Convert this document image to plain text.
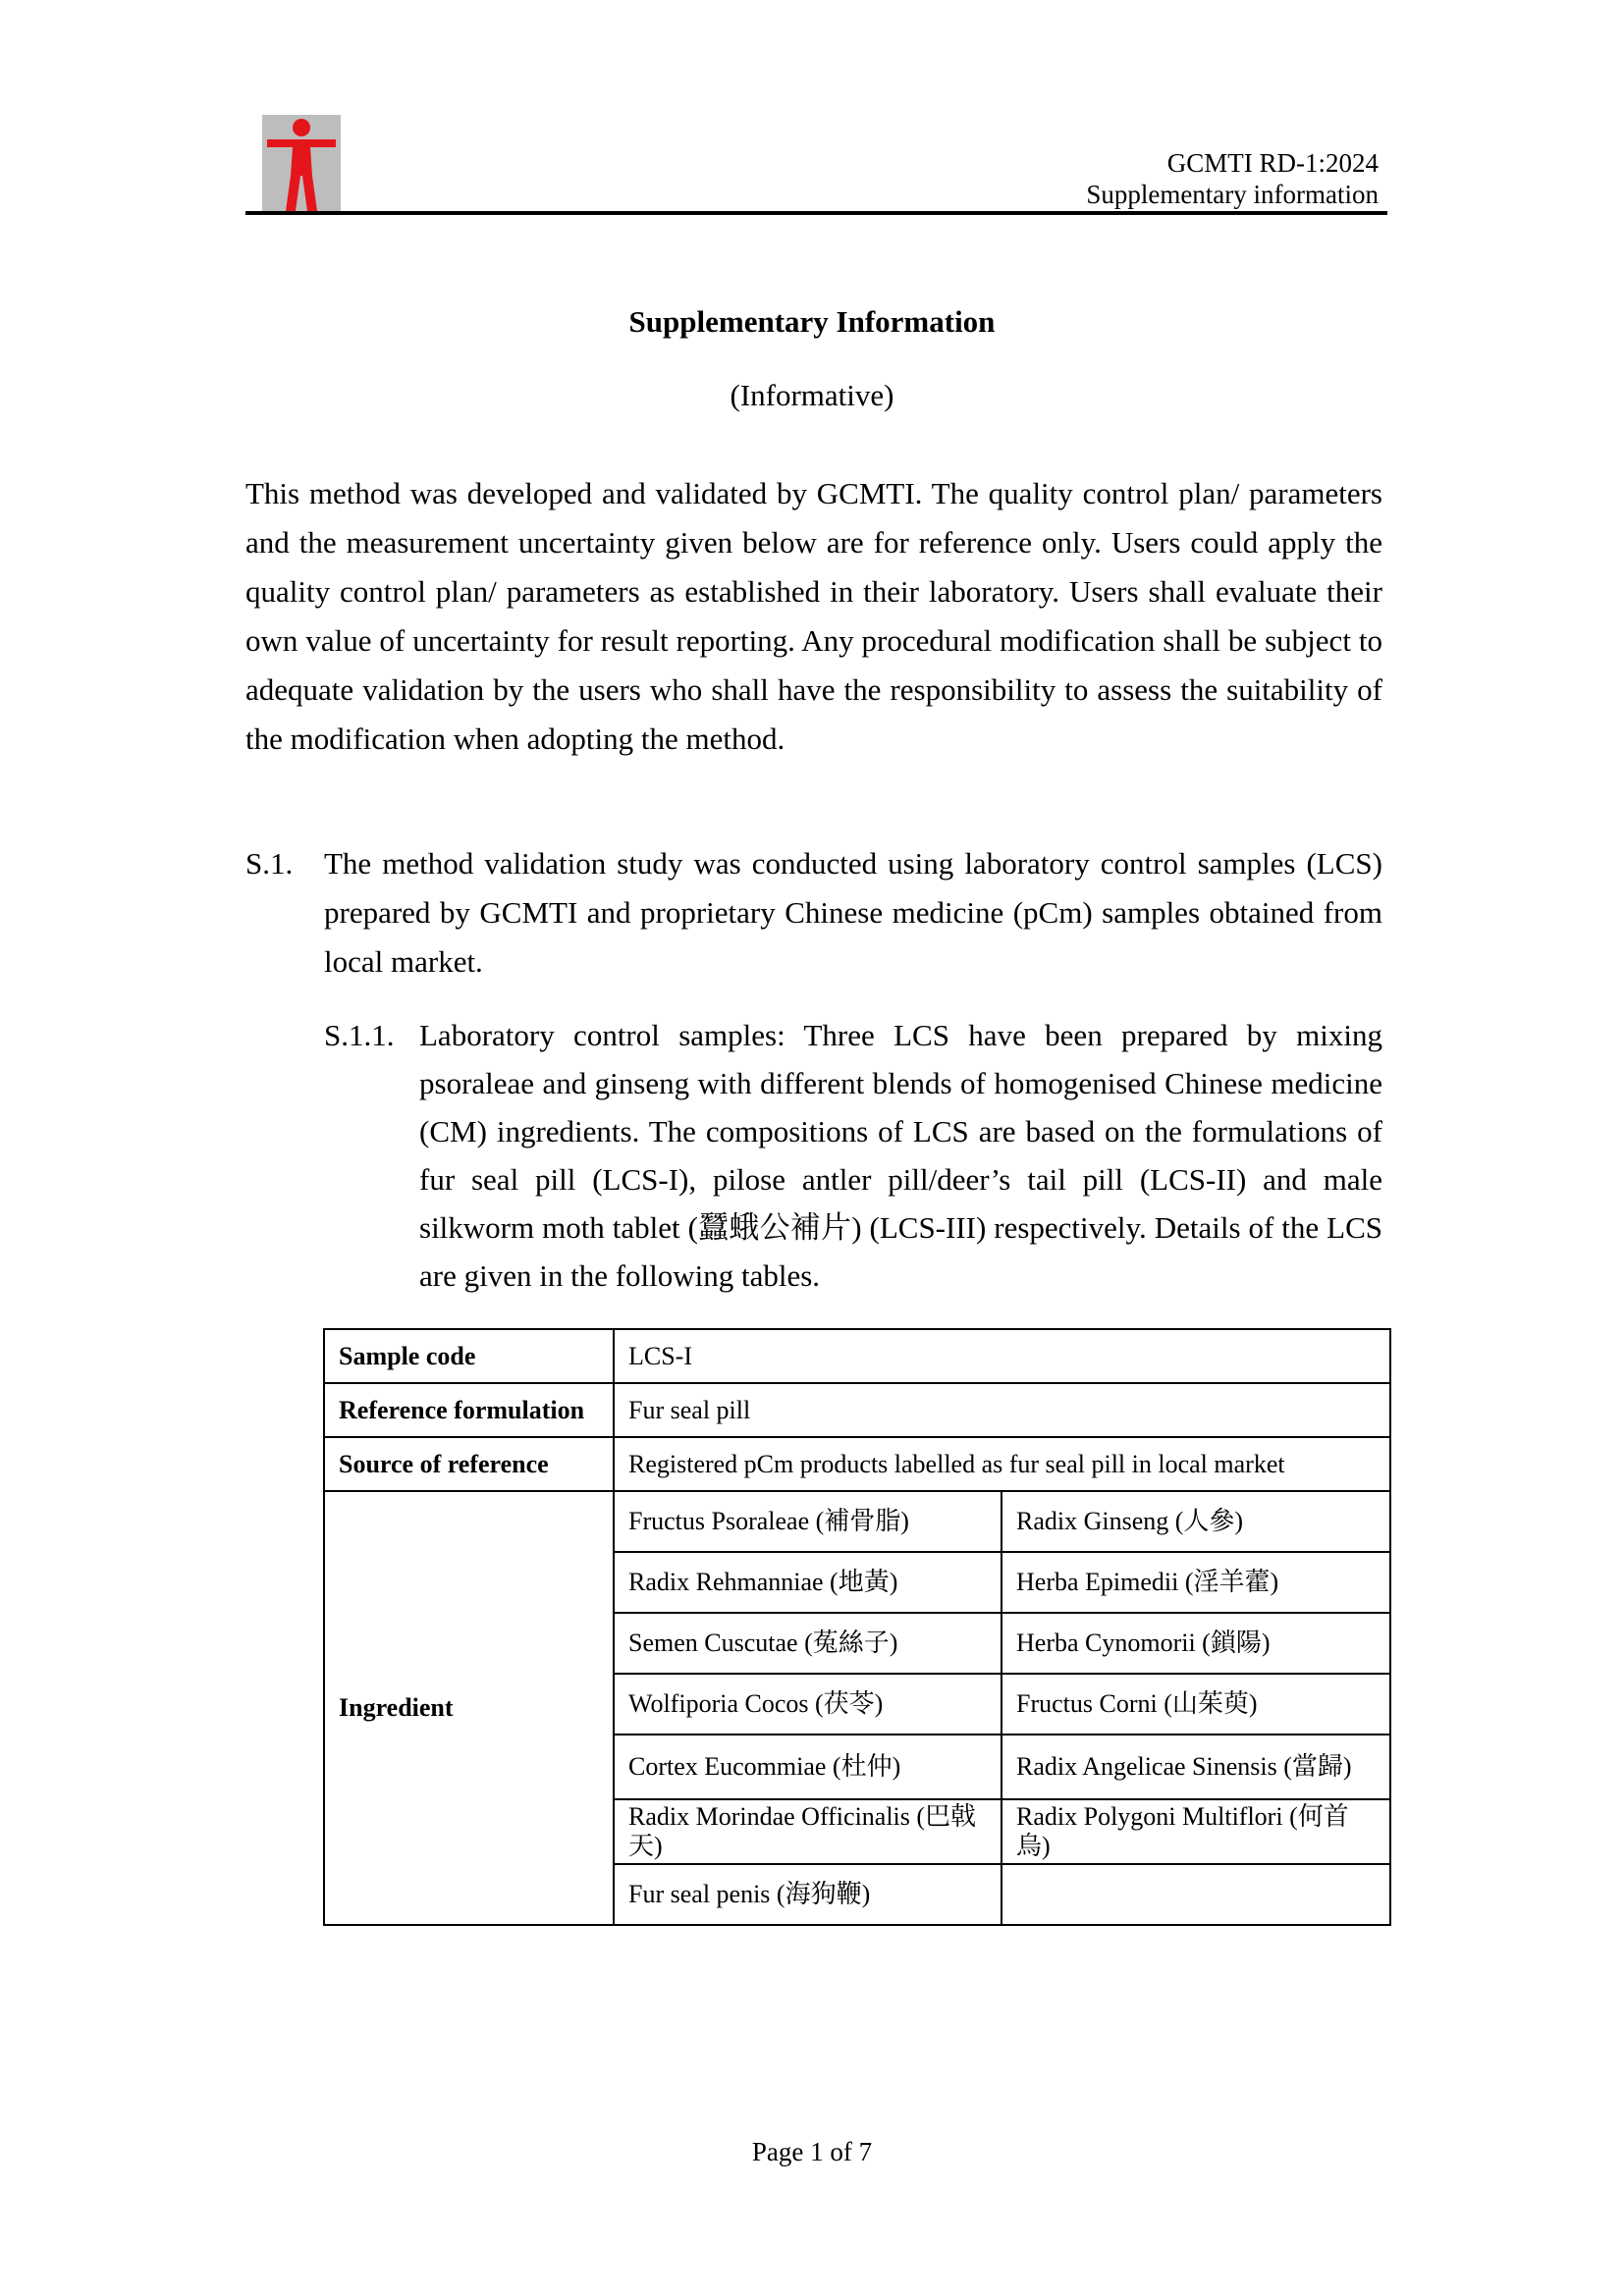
GCMTI RD-1:2024
Supplementary information
Supplementary Information
(Informative)

This method was developed and validated by GCMTI. The quality control plan/ parameters and the measurement uncertainty given below are for reference only. Users could apply the quality control plan/ parameters as established in their laboratory. Users shall evaluate their own value of uncertainty for result reporting. Any procedural modification shall be subject to adequate validation by the users who shall have the responsibility to assess the suitability of the modification when adopting the method.

S.1. The method validation study was conducted using laboratory control samples (LCS) prepared by GCMTI and proprietary Chinese medicine (pCm) samples obtained from local market.

S.1.1. Laboratory control samples: Three LCS have been prepared by mixing psoraleae and ginseng with different blends of homogenised Chinese medicine (CM) ingredients. The compositions of LCS are based on the formulations of fur seal pill (LCS-I), pilose antler pill/deer’s tail pill (LCS-II) and male silkworm moth tablet (蠶蛾公補片) (LCS-III) respectively. Details of the LCS are given in the following tables.

Sample code	LCS-I	
Reference formulation	Fur seal pill	
Source of reference	Registered pCm products labelled as fur seal pill in local market	
Ingredient	Fructus Psoraleae (補骨脂)	Radix Ginseng (人參)
	Radix Rehmanniae (地黃)	Herba Epimedii (淫羊藿)
	Semen Cuscutae (菟絲子)	Herba Cynomorii (鎖陽)
	Wolfiporia Cocos (茯苓)	Fructus Corni (山茱萸)
	Cortex Eucommiae (杜仲)	Radix Angelicae Sinensis (當歸)
	Radix Morindae Officinalis (巴戟天)	Radix Polygoni Multiflori (何首烏)
	Fur seal penis (海狗鞭)	
Page 1 of 7
